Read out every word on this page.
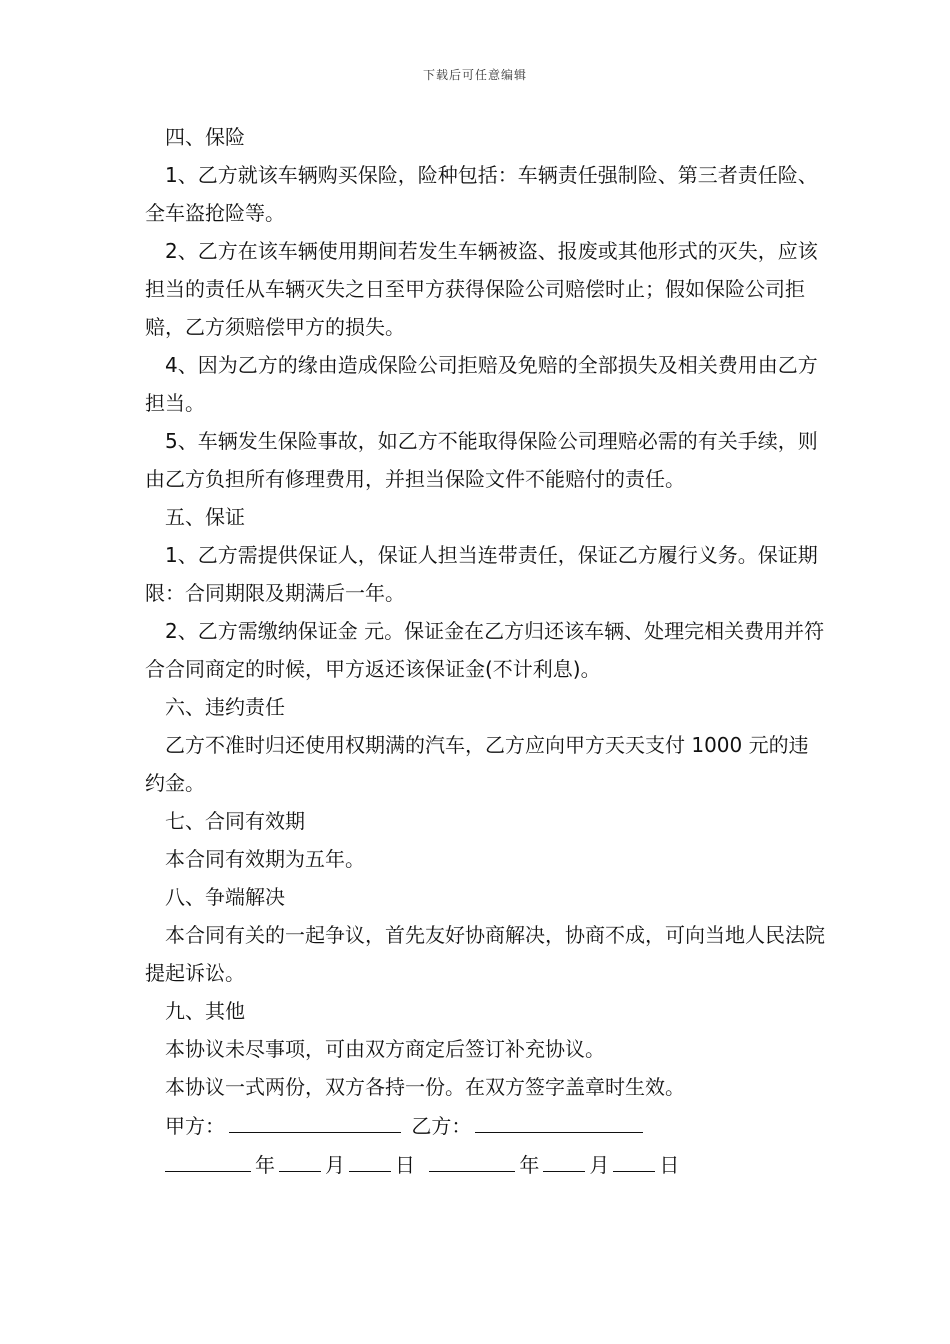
下载后可任意编辑

四、保险

1、乙方就该车辆购买保险，险种包括：车辆责任强制险、第三者责任险、全车盗抢险等。

2、乙方在该车辆使用期间若发生车辆被盗、报废或其他形式的灭失，应该担当的责任从车辆灭失之日至甲方获得保险公司赔偿时止；假如保险公司拒赔，乙方须赔偿甲方的损失。

4、因为乙方的缘由造成保险公司拒赔及免赔的全部损失及相关费用由乙方担当。

5、车辆发生保险事故，如乙方不能取得保险公司理赔必需的有关手续，则由乙方负担所有修理费用，并担当保险文件不能赔付的责任。

五、保证

1、乙方需提供保证人，保证人担当连带责任，保证乙方履行义务。保证期限：合同期限及期满后一年。

2、乙方需缴纳保证金 元。保证金在乙方归还该车辆、处理完相关费用并符合合同商定的时候，甲方返还该保证金(不计利息)。

六、违约责任

乙方不准时归还使用权期满的汽车，乙方应向甲方天天支付 1000 元的违约金。

七、合同有效期

本合同有效期为五年。

八、争端解决

本合同有关的一起争议，首先友好协商解决，协商不成，可向当地人民法院提起诉讼。

九、其他

本协议未尽事项，可由双方商定后签订补充协议。

本协议一式两份，双方各持一份。在双方签字盖章时生效。

甲方：	乙方：

年	月	日	年	月	日
